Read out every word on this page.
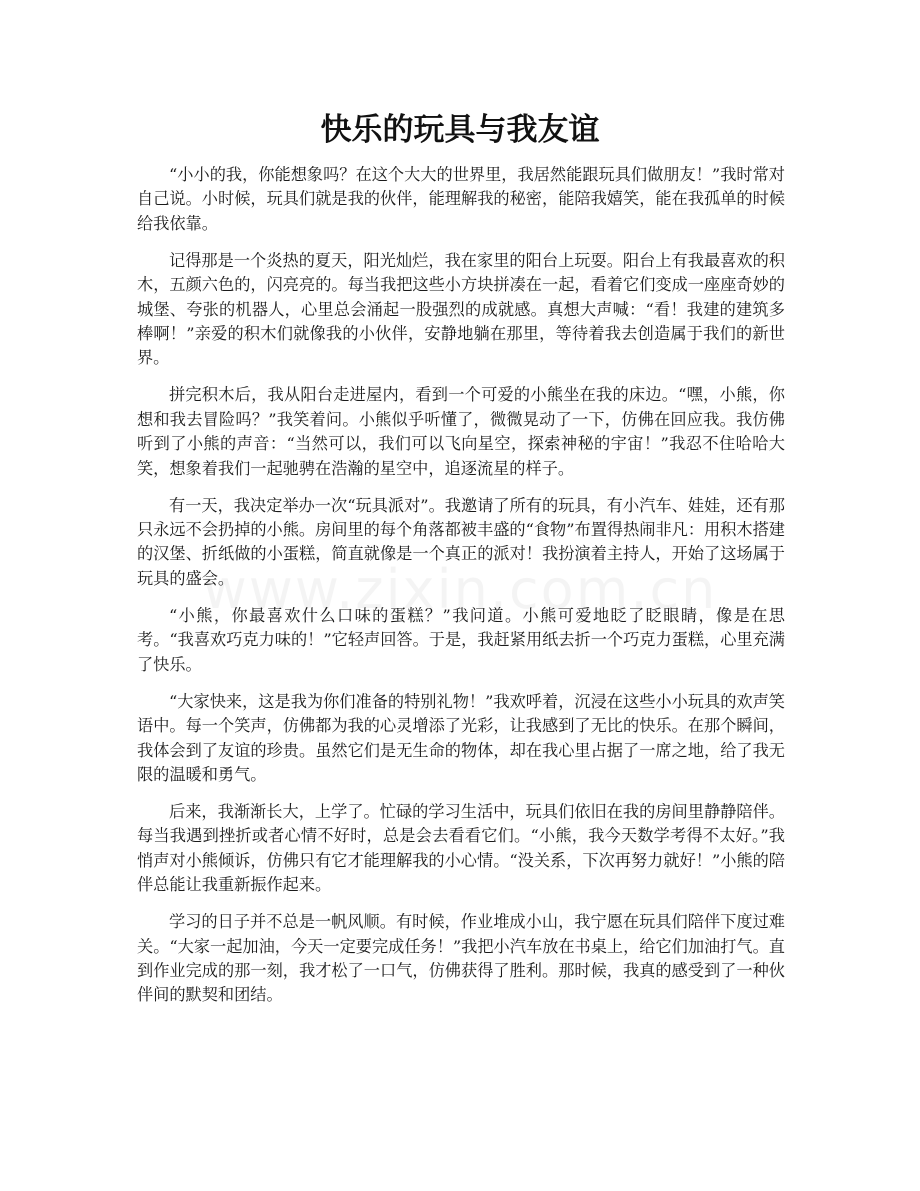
快乐的玩具与我友谊

“小小的我，你能想象吗？在这个大大的世界里，我居然能跟玩具们做朋友！”我时常对自己说。小时候，玩具们就是我的伙伴，能理解我的秘密，能陪我嬉笑，能在我孤单的时候给我依靠。

记得那是一个炎热的夏天，阳光灿烂，我在家里的阳台上玩耍。阳台上有我最喜欢的积木，五颜六色的，闪亮亮的。每当我把这些小方块拼凑在一起，看着它们变成一座座奇妙的城堡、夸张的机器人，心里总会涌起一股强烈的成就感。真想大声喊：“看！我建的建筑多棒啊！”亲爱的积木们就像我的小伙伴，安静地躺在那里，等待着我去创造属于我们的新世界。

拼完积木后，我从阳台走进屋内，看到一个可爱的小熊坐在我的床边。“嘿，小熊，你想和我去冒险吗？”我笑着问。小熊似乎听懂了，微微晃动了一下，仿佛在回应我。我仿佛听到了小熊的声音：“当然可以，我们可以飞向星空，探索神秘的宇宙！”我忍不住哈哈大笑，想象着我们一起驰骋在浩瀚的星空中，追逐流星的样子。

有一天，我决定举办一次“玩具派对”。我邀请了所有的玩具，有小汽车、娃娃，还有那只永远不会扔掉的小熊。房间里的每个角落都被丰盛的“食物”布置得热闹非凡：用积木搭建的汉堡、折纸做的小蛋糕，简直就像是一个真正的派对！我扮演着主持人，开始了这场属于玩具的盛会。

“小熊，你最喜欢什么口味的蛋糕？”我问道。小熊可爱地眨了眨眼睛，像是在思考。“我喜欢巧克力味的！”它轻声回答。于是，我赶紧用纸去折一个巧克力蛋糕，心里充满了快乐。

“大家快来，这是我为你们准备的特别礼物！”我欢呼着，沉浸在这些小小玩具的欢声笑语中。每一个笑声，仿佛都为我的心灵增添了光彩，让我感到了无比的快乐。在那个瞬间，我体会到了友谊的珍贵。虽然它们是无生命的物体，却在我心里占据了一席之地，给了我无限的温暖和勇气。

后来，我渐渐长大，上学了。忙碌的学习生活中，玩具们依旧在我的房间里静静陪伴。每当我遇到挫折或者心情不好时，总是会去看看它们。“小熊，我今天数学考得不太好。”我悄声对小熊倾诉，仿佛只有它才能理解我的小心情。“没关系，下次再努力就好！”小熊的陪伴总能让我重新振作起来。

学习的日子并不总是一帆风顺。有时候，作业堆成小山，我宁愿在玩具们陪伴下度过难关。“大家一起加油，今天一定要完成任务！”我把小汽车放在书桌上，给它们加油打气。直到作业完成的那一刻，我才松了一口气，仿佛获得了胜利。那时候，我真的感受到了一种伙伴间的默契和团结。
